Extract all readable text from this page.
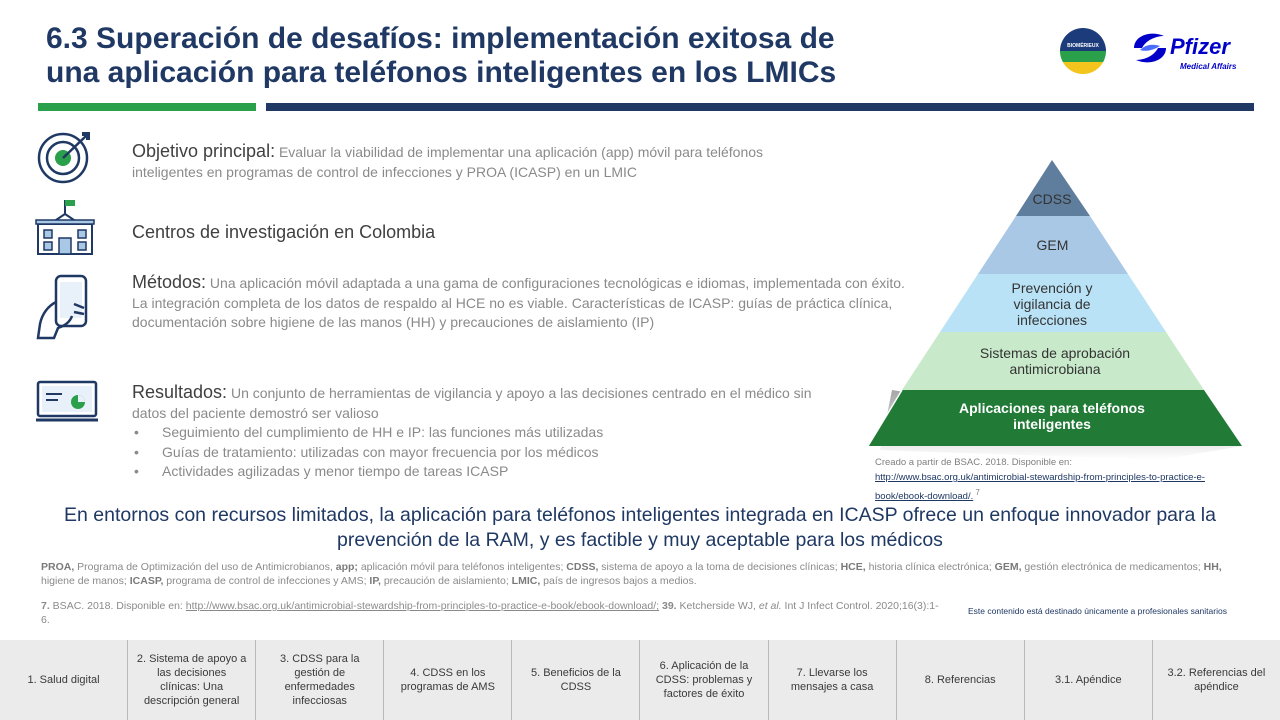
6.3 Superación de desafíos: implementación exitosa de
una aplicación para teléfonos inteligentes en los LMICs
BIOMÉRIEUX	Pfizer
Medical Affairs
Objetivo principal: Evaluar la viabilidad de implementar una aplicación (app) móvil para teléfonos inteligentes en programas de control de infecciones y PROA (ICASP) en un LMIC
Centros de investigación en Colombia
Métodos: Una aplicación móvil adaptada a una gama de configuraciones tecnológicas e idiomas, implementada con éxito. La integración completa de los datos de respaldo al HCE no es viable. Características de ICASP: guías de práctica clínica, documentación sobre higiene de las manos (HH) y precauciones de aislamiento (IP)
Resultados: Un conjunto de herramientas de vigilancia y apoyo a las decisiones centrado en el médico sin datos del paciente demostró ser valioso
• Seguimiento del cumplimiento de HH e IP: las funciones más utilizadas
• Guías de tratamiento: utilizadas con mayor frecuencia por los médicos
• Actividades agilizadas y menor tiempo de tareas ICASP
CDSS
GEM
Prevención y vigilancia de infecciones
Sistemas de aprobación antimicrobiana
Aplicaciones para teléfonos inteligentes
Creado a partir de BSAC. 2018. Disponible en:
http://www.bsac.org.uk/antimicrobial-stewardship-from-principles-to-practice-e-book/ebook-download/. $^7$
En entornos con recursos limitados, la aplicación para teléfonos inteligentes integrada en ICASP ofrece un enfoque innovador para la prevención de la RAM, y es factible y muy aceptable para los médicos
PROA, Programa de Optimización del uso de Antimicrobianos, app; aplicación móvil para teléfonos inteligentes; CDSS, sistema de apoyo a la toma de decisiones clínicas; HCE, historia clínica electrónica; GEM, gestión electrónica de medicamentos; HH, higiene de manos; ICASP, programa de control de infecciones y AMS; IP, precaución de aislamiento; LMIC, país de ingresos bajos a medios.
7. BSAC. 2018. Disponible en: http://www.bsac.org.uk/antimicrobial-stewardship-from-principles-to-practice-e-book/ebook-download/; 39. Ketcherside WJ, et al. Int J Infect Control. 2020;16(3):1-6.
Este contenido está destinado únicamente a profesionales sanitarios
1. Salud digital
2. Sistema de apoyo a las decisiones clínicas: Una descripción general
3. CDSS para la gestión de enfermedades infecciosas
4. CDSS en los programas de AMS
5. Beneficios de la CDSS
6. Aplicación de la CDSS: problemas y factores de éxito
7. Llevarse los mensajes a casa
8. Referencias	3.1. Apéndice
3.2. Referencias del apéndice
